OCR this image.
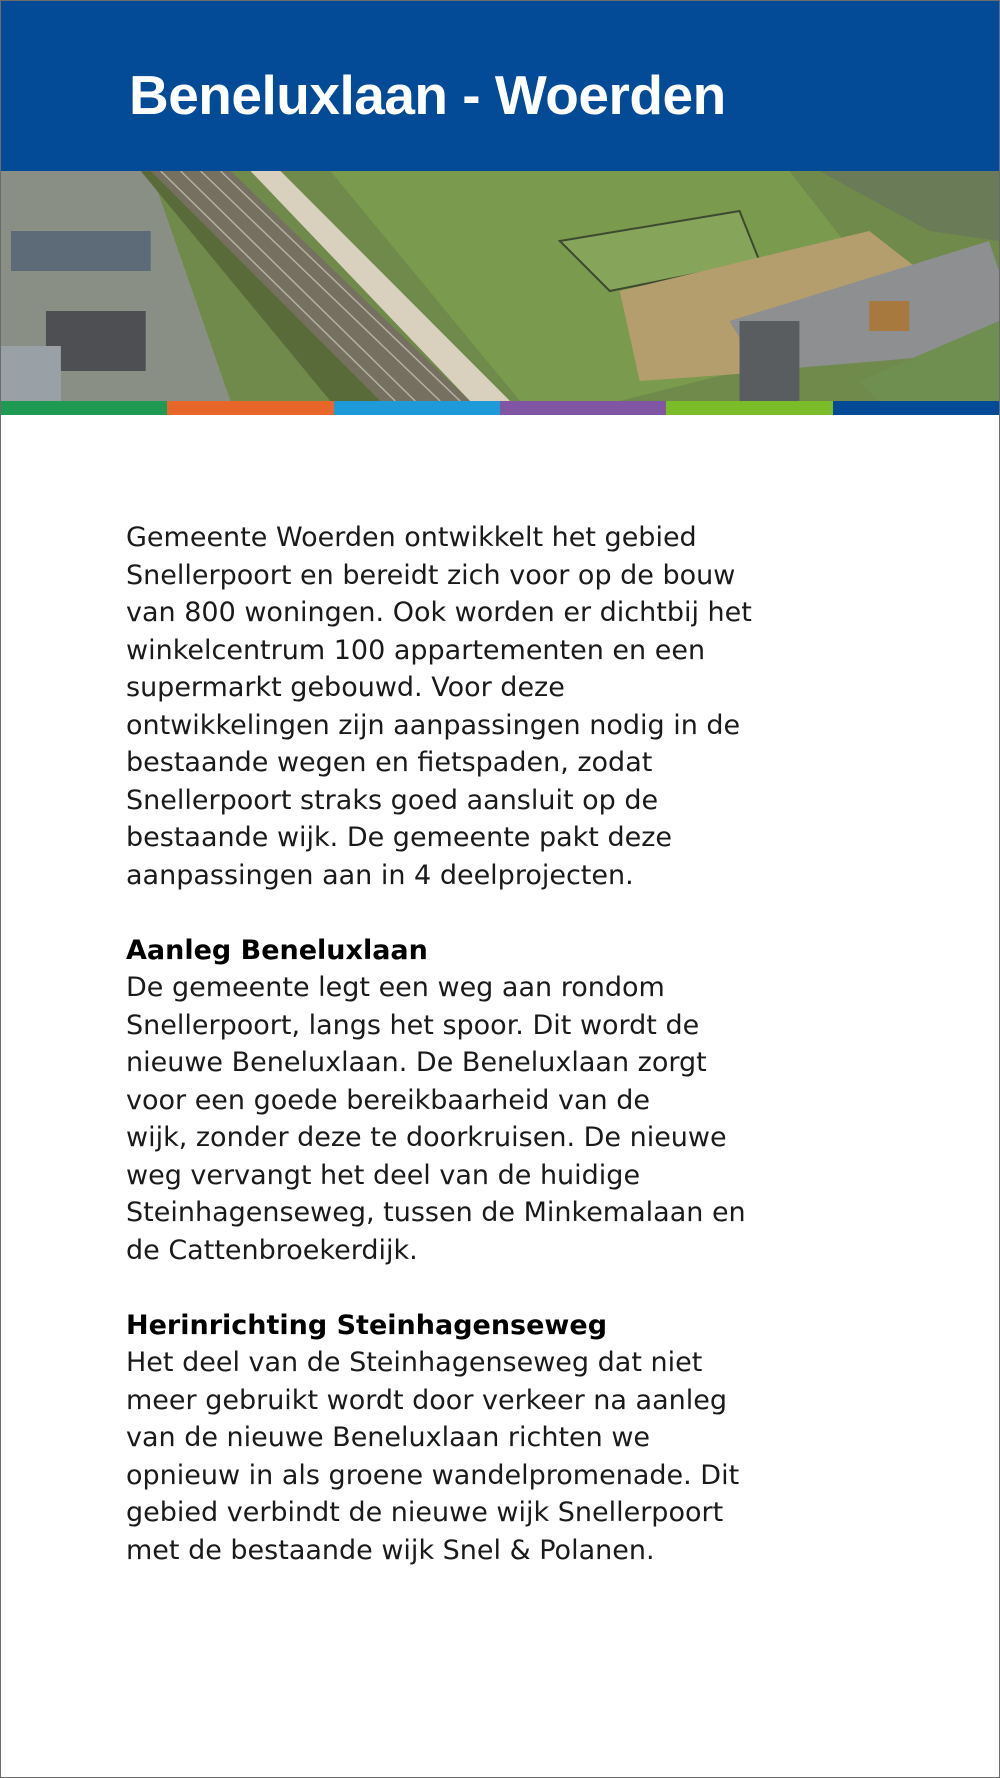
Beneluxlaan - Woerden
Gemeente Woerden ontwikkelt het gebied
Snellerpoort en bereidt zich voor op de bouw
van 800 woningen. Ook worden er dichtbij het
winkelcentrum 100 appartementen en een
supermarkt gebouwd. Voor deze
ontwikkelingen zijn aanpassingen nodig in de
bestaande wegen en fietspaden, zodat
Snellerpoort straks goed aansluit op de
bestaande wijk. De gemeente pakt deze
aanpassingen aan in 4 deelprojecten.
Aanleg Beneluxlaan
De gemeente legt een weg aan rondom
Snellerpoort, langs het spoor. Dit wordt de
nieuwe Beneluxlaan. De Beneluxlaan zorgt
voor een goede bereikbaarheid van de
wijk, zonder deze te doorkruisen. De nieuwe
weg vervangt het deel van de huidige
Steinhagenseweg, tussen de Minkemalaan en
de Cattenbroekerdijk.
Herinrichting Steinhagenseweg
Het deel van de Steinhagenseweg dat niet
meer gebruikt wordt door verkeer na aanleg
van de nieuwe Beneluxlaan richten we
opnieuw in als groene wandelpromenade. Dit
gebied verbindt de nieuwe wijk Snellerpoort
met de bestaande wijk Snel & Polanen.
